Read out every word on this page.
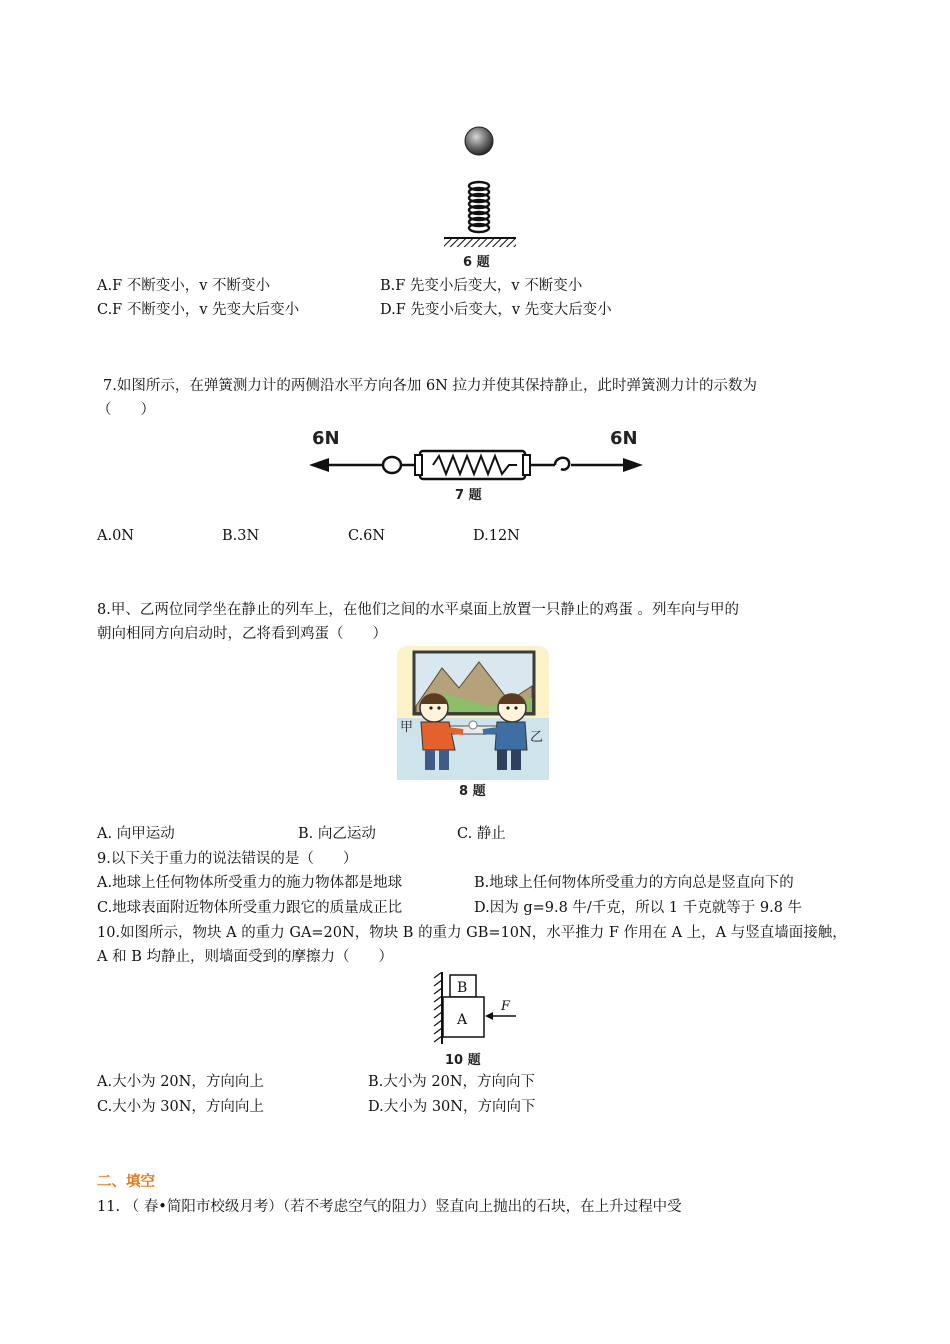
6 题
A.F 不断变小，v 不断变小	B.F 先变小后变大，v 不断变小
C.F 不断变小，v 先变大后变小	D.F 先变小后变大，v 先变大后变小
7.如图所示，在弹簧测力计的两侧沿水平方向各加 6N 拉力并使其保持静止，此时弹簧测力计的示数为
（　　）
6N	6N
7 题
A.0N	B.3N	C.6N	D.12N
8.甲、乙两位同学坐在静止的列车上，在他们之间的水平桌面上放置一只静止的鸡蛋 。列车向与甲的
朝向相同方向启动时，乙将看到鸡蛋（　　）
甲
乙
8 题
A. 向甲运动	B. 向乙运动	C. 静止
9.以下关于重力的说法错误的是（　　）
A.地球上任何物体所受重力的施力物体都是地球	B.地球上任何物体所受重力的方向总是竖直向下的
C.地球表面附近物体所受重力跟它的质量成正比	D.因为 g=9.8 牛/千克，所以 1 千克就等于 9.8 牛
10.如图所示，物块 A 的重力 GA=20N，物块 B 的重力 GB=10N，水平推力 F 作用在 A 上，A 与竖直墙面接触，
A 和 B 均静止，则墙面受到的摩擦力（　　）
B
A
F
10 题
A.大小为 20N，方向向上	B.大小为 20N，方向向下
C.大小为 30N，方向向上	D.大小为 30N，方向向下
二、填空
11. （ 春•简阳市校级月考）（若不考虑空气的阻力）竖直向上抛出的石块，在上升过程中受
